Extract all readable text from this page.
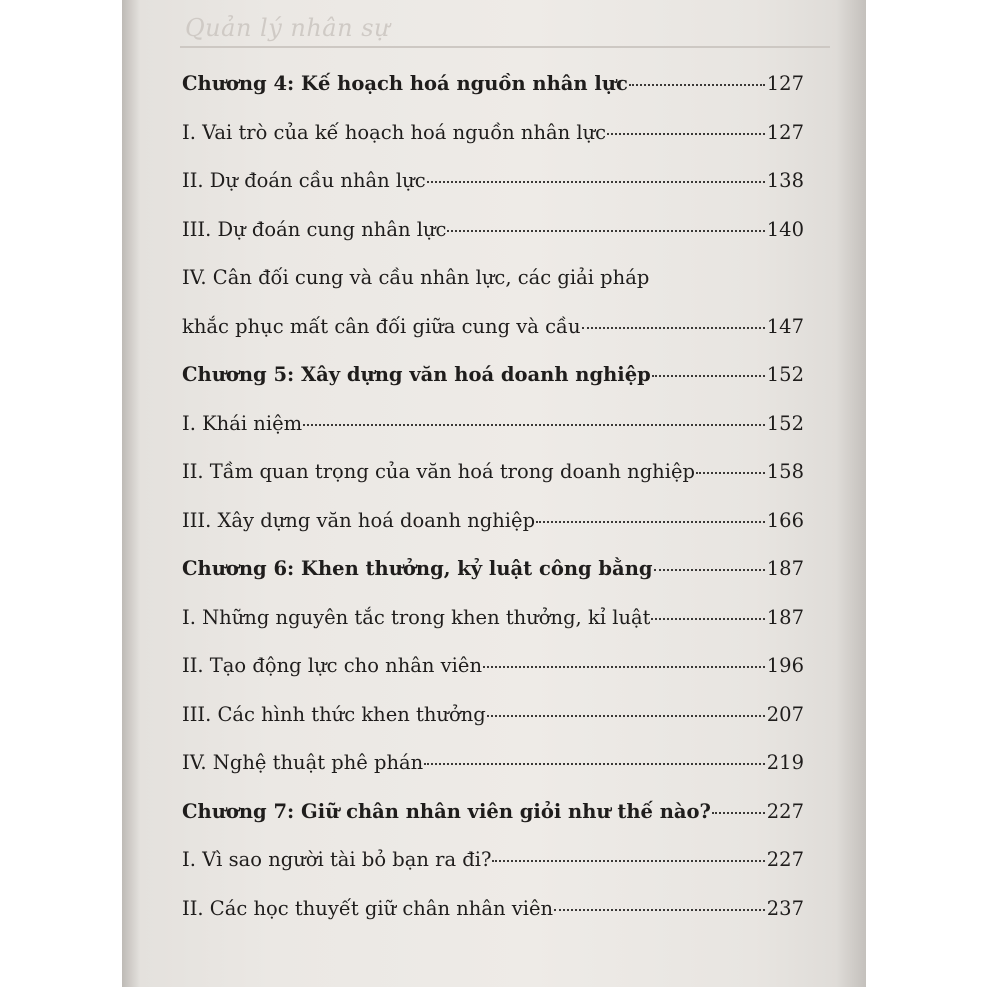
Quản lý nhân sự
Chương 4: Kế hoạch hoá nguồn nhân lực	127
I. Vai trò của kế hoạch hoá nguồn nhân lực	127
II. Dự đoán cầu nhân lực	138
III. Dự đoán cung nhân lực	140
IV. Cân đối cung và cầu nhân lực, các giải pháp
khắc phục mất cân đối giữa cung và cầu	147
Chương 5: Xây dựng văn hoá doanh nghiệp	152
I. Khái niệm	152
II. Tầm quan trọng của văn hoá trong doanh nghiệp	158
III. Xây dựng văn hoá doanh nghiệp	166
Chương 6: Khen thưởng, kỷ luật công bằng	187
I. Những nguyên tắc trong khen thưởng, kỉ luật	187
II. Tạo động lực cho nhân viên	196
III. Các hình thức khen thưởng	207
IV. Nghệ thuật phê phán	219
Chương 7: Giữ chân nhân viên giỏi như thế nào?	227
I. Vì sao người tài bỏ bạn ra đi?	227
II. Các học thuyết giữ chân nhân viên	237
